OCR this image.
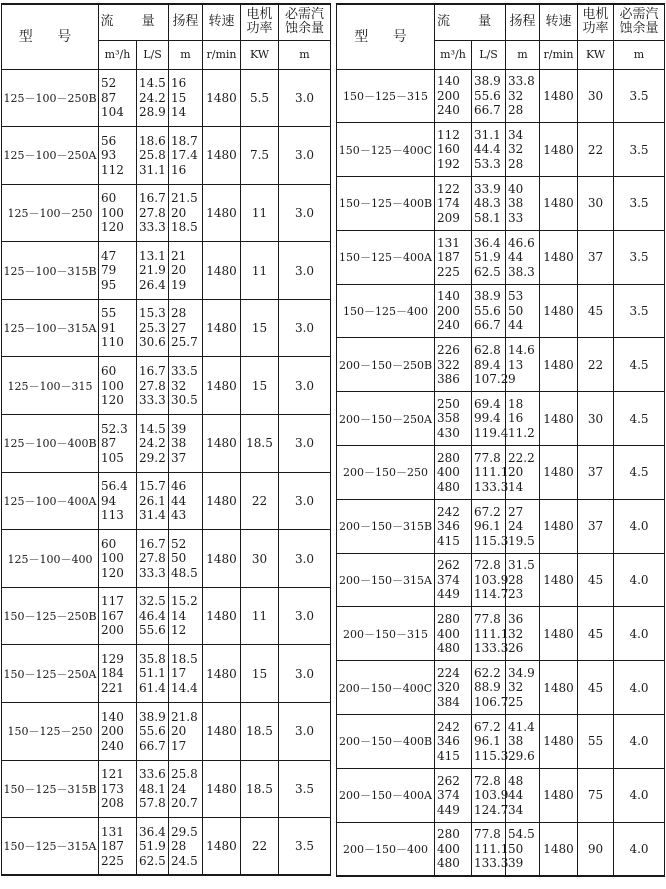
型 号	流 量		扬程	转速	电机功率	必需汽蚀余量
	m³/h	L/S	m	r/min	KW	m
125－100－250B	52
87
104	14.5
24.2
28.9	16
15
14	1480	5.5	3.0
125－100－250A	56
93
112	18.6
25.8
31.1	18.7
17.4
16	1480	7.5	3.0
125－100－250	60
100
120	16.7
27.8
33.3	21.5
20
18.5	1480	11	3.0
125－100－315B	47
79
95	13.1
21.9
26.4	21
20
19	1480	11	3.0
125－100－315A	55
91
110	15.3
25.3
30.6	28
27
25.7	1480	15	3.0
125－100－315	60
100
120	16.7
27.8
33.3	33.5
32
30.5	1480	15	3.0
125－100－400B	52.3
87
105	14.5
24.2
29.2	39
38
37	1480	18.5	3.0
125－100－400A	56.4
94
113	15.7
26.1
31.4	46
44
43	1480	22	3.0
125－100－400	60
100
120	16.7
27.8
33.3	52
50
48.5	1480	30	3.0
150－125－250B	117
167
200	32.5
46.4
55.6	15.2
14
12	1480	11	3.0
150－125－250A	129
184
221	35.8
51.1
61.4	18.5
17
14.4	1480	15	3.0
150－125－250	140
200
240	38.9
55.6
66.7	21.8
20
17	1480	18.5	3.0
150－125－315B	121
173
208	33.6
48.1
57.8	25.8
24
20.7	1480	18.5	3.5
150－125－315A	131
187
225	36.4
51.9
62.5	29.5
28
24.5	1480	22	3.5
型 号	流 量		扬程	转速	电机功率	必需汽蚀余量
	m³/h	L/S	m	r/min	KW	m
150－125－315	140
200
240	38.9
55.6
66.7	33.8
32
28	1480	30	3.5
150－125－400C	112
160
192	31.1
44.4
53.3	34
32
28	1480	22	3.5
150－125－400B	122
174
209	33.9
48.3
58.1	40
38
33	1480	30	3.5
150－125－400A	131
187
225	36.4
51.9
62.5	46.6
44
38.3	1480	37	3.5
150－125－400	140
200
240	38.9
55.6
66.7	53
50
44	1480	45	3.5
200－150－250B	226
322
386	62.8
89.4
107.2	14.6
13
9	1480	22	4.5
200－150－250A	250
358
430	69.4
99.4
119.4	18
16
11.2	1480	30	4.5
200－150－250	280
400
480	77.8
111.1
133.3	22.2
20
14	1480	37	4.5
200－150－315B	242
346
415	67.2
96.1
115.3	27
24
19.5	1480	37	4.0
200－150－315A	262
374
449	72.8
103.9
114.7	31.5
28
23	1480	45	4.0
200－150－315	280
400
480	77.8
111.1
133.3	36
32
26	1480	45	4.0
200－150－400C	224
320
384	62.2
88.9
106.7	34.9
32
25	1480	45	4.0
200－150－400B	242
346
415	67.2
96.1
115.3	41.4
38
29.6	1480	55	4.0
200－150－400A	262
374
449	72.8
103.9
124.7	48
44
34	1480	75	4.0
200－150－400	280
400
480	77.8
111.1
133.3	54.5
50
39	1480	90	4.0
